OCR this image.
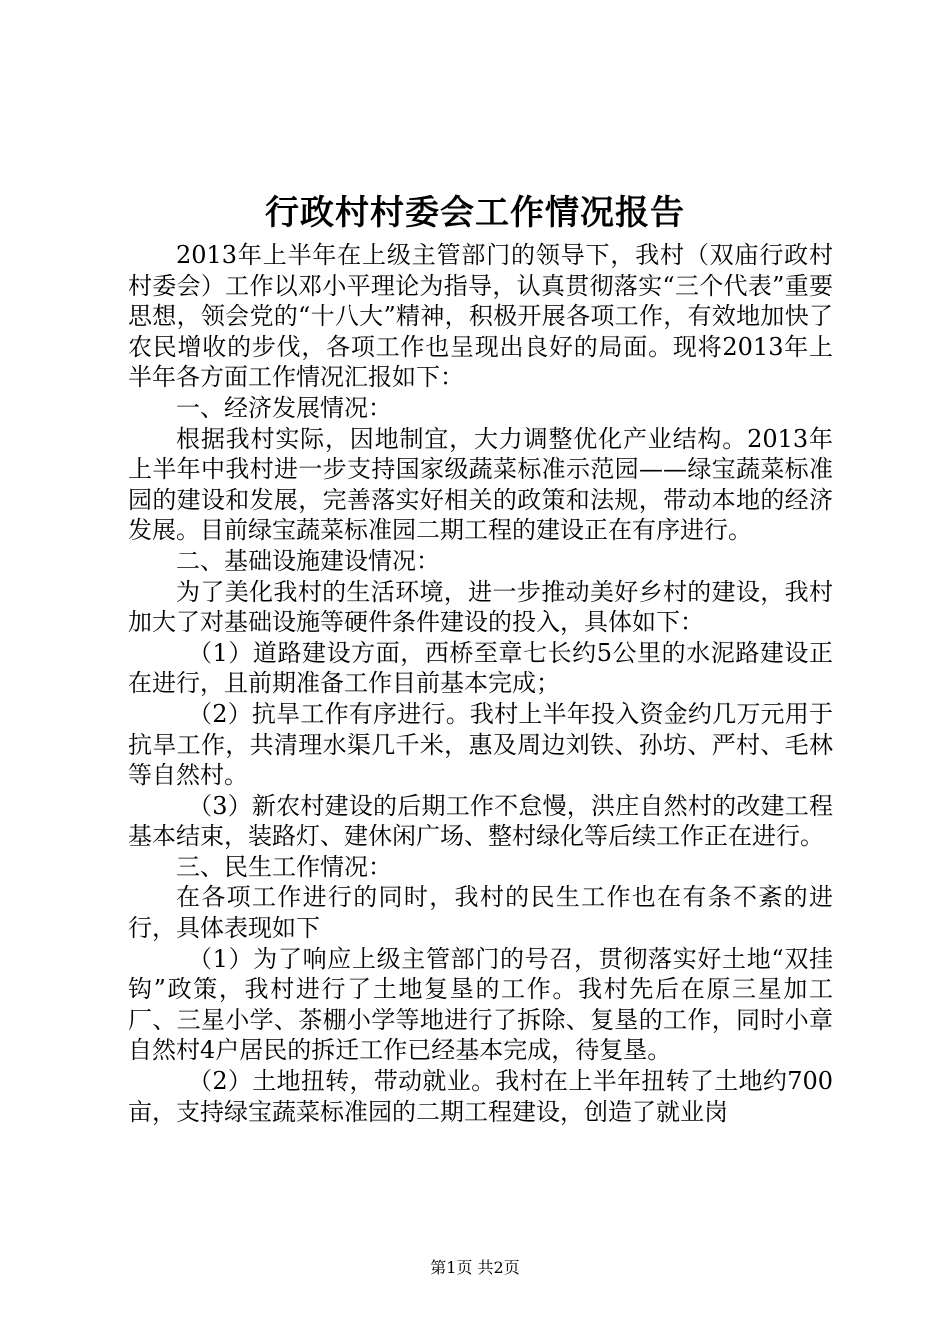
行政村村委会工作情况报告

2013年上半年在上级主管部门的领导下，我村（双庙行政村村委会）工作以邓小平理论为指导，认真贯彻落实“三个代表”重要思想，领会党的“十八大”精神，积极开展各项工作，有效地加快了农民增收的步伐，各项工作也呈现出良好的局面。现将2013年上半年各方面工作情况汇报如下：

一、经济发展情况：

根据我村实际，因地制宜，大力调整优化产业结构。2013年上半年中我村进一步支持国家级蔬菜标准示范园——绿宝蔬菜标准园的建设和发展，完善落实好相关的政策和法规，带动本地的经济发展。目前绿宝蔬菜标准园二期工程的建设正在有序进行。

二、基础设施建设情况：

为了美化我村的生活环境，进一步推动美好乡村的建设，我村加大了对基础设施等硬件条件建设的投入，具体如下：

（1）道路建设方面，西桥至章七长约5公里的水泥路建设正在进行，且前期准备工作目前基本完成；

（2）抗旱工作有序进行。我村上半年投入资金约几万元用于抗旱工作，共清理水渠几千米，惠及周边刘铁、孙坊、严村、毛林等自然村。

（3）新农村建设的后期工作不怠慢，洪庄自然村的改建工程基本结束，装路灯、建休闲广场、整村绿化等后续工作正在进行。

三、民生工作情况：

在各项工作进行的同时，我村的民生工作也在有条不紊的进行，具体表现如下

（1）为了响应上级主管部门的号召，贯彻落实好土地“双挂钩”政策，我村进行了土地复垦的工作。我村先后在原三星加工厂、三星小学、茶棚小学等地进行了拆除、复垦的工作，同时小章自然村4户居民的拆迁工作已经基本完成，待复垦。

（2）土地扭转，带动就业。我村在上半年扭转了土地约700亩，支持绿宝蔬菜标准园的二期工程建设，创造了就业岗

第1页 共2页
